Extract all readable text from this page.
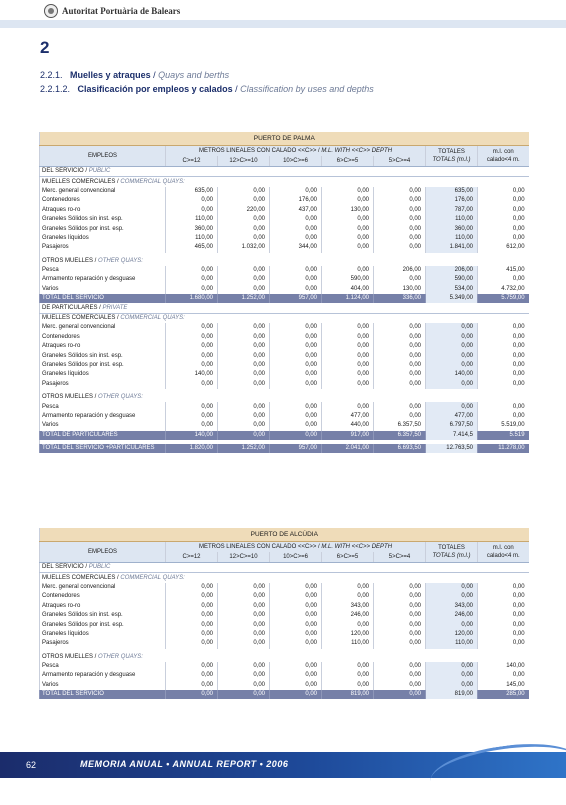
Autoritat Portuària de Balears
2
2.2.1. Muelles y atraques / Quays and berths
2.2.1.2. Clasificación por empleos y calados / Classification by uses and depths
PUERTO DE PALMA							
EMPLEOS	METROS LINEALES CON CALADO <<C>> / M.L. WITH <<C>> DEPTH					TOTALES
TOTALS (m.l.)	m.l. con
calado<4 m.
	C>=12	12>C>=10	10>C>=6	6>C>=5	5>C>=4		
DEL SERVICIO / PUBLIC							
MUELLES COMERCIALES / COMMERCIAL QUAYS:							
Merc. general convencional	635,00	0,00	0,00	0,00	0,00	635,00	0,00
Contenedores	0,00	0,00	176,00	0,00	0,00	176,00	0,00
Atraques ro-ro	0,00	220,00	437,00	130,00	0,00	787,00	0,00
Graneles Sólidos sin inst. esp.	110,00	0,00	0,00	0,00	0,00	110,00	0,00
Graneles Sólidos por inst. esp.	360,00	0,00	0,00	0,00	0,00	360,00	0,00
Graneles líquidos	110,00	0,00	0,00	0,00	0,00	110,00	0,00
Pasajeros	465,00	1.032,00	344,00	0,00	0,00	1.841,00	612,00

OTROS MUELLES / OTHER QUAYS:							
Pesca	0,00	0,00	0,00	0,00	206,00	206,00	415,00
Armamento reparación y desguase	0,00	0,00	0,00	590,00	0,00	590,00	0,00
Varios	0,00	0,00	0,00	404,00	130,00	534,00	4.732,00
TOTAL DEL SERVICIO	1.680,00	1.252,00	957,00	1.124,00	336,00	5.349,00	5.759,00
DE PARTICULARES / PRIVATE							
MUELLES COMERCIALES / COMMERCIAL QUAYS:							
Merc. general convencional	0,00	0,00	0,00	0,00	0,00	0,00	0,00
Contenedores	0,00	0,00	0,00	0,00	0,00	0,00	0,00
Atraques ro-ro	0,00	0,00	0,00	0,00	0,00	0,00	0,00
Graneles Sólidos sin inst. esp.	0,00	0,00	0,00	0,00	0,00	0,00	0,00
Graneles Sólidos por inst. esp.	0,00	0,00	0,00	0,00	0,00	0,00	0,00
Graneles líquidos	140,00	0,00	0,00	0,00	0,00	140,00	0,00
Pasajeros	0,00	0,00	0,00	0,00	0,00	0,00	0,00

OTROS MUELLES / OTHER QUAYS:							
Pesca	0,00	0,00	0,00	0,00	0,00	0,00	0,00
Armamento reparación y desguase	0,00	0,00	0,00	477,00	0,00	477,00	0,00
Varios	0,00	0,00	0,00	440,00	6.357,50	6.797,50	5.519,00
TOTAL DE PARTICULARES	140,00	0,00	0,00	917,00	6.357,50	7.414,5	5.519

TOTAL DEL SERVICIO +PARTICULARES	1.820,00	1.252,00	957,00	2.041,00	6.693,50	12.763,50	11.278,00
PUERTO DE ALCÚDIA							
EMPLEOS	METROS LINEALES CON CALADO <<C>> / M.L. WITH <<C>> DEPTH					TOTALES
TOTALS (m.l.)	m.l. con
calado<4 m.
	C>=12	12>C>=10	10>C>=6	6>C>=5	5>C>=4		
DEL SERVICIO / PUBLIC							
MUELLES COMERCIALES / COMMERCIAL QUAYS:							
Merc. general convencional	0,00	0,00	0,00	0,00	0,00	0,00	0,00
Contenedores	0,00	0,00	0,00	0,00	0,00	0,00	0,00
Atraques ro-ro	0,00	0,00	0,00	343,00	0,00	343,00	0,00
Graneles Sólidos sin inst. esp.	0,00	0,00	0,00	246,00	0,00	246,00	0,00
Graneles Sólidos por inst. esp.	0,00	0,00	0,00	0,00	0,00	0,00	0,00
Graneles líquidos	0,00	0,00	0,00	120,00	0,00	120,00	0,00
Pasajeros	0,00	0,00	0,00	110,00	0,00	110,00	0,00

OTROS MUELLES / OTHER QUAYS:							
Pesca	0,00	0,00	0,00	0,00	0,00	0,00	140,00
Armamento reparación y desguase	0,00	0,00	0,00	0,00	0,00	0,00	0,00
Varios	0,00	0,00	0,00	0,00	0,00	0,00	145,00
TOTAL DEL SERVICIO	0,00	0,00	0,00	819,00	0,00	819,00	285,00
62	MEMORIA ANUAL • ANNUAL REPORT • 2006
